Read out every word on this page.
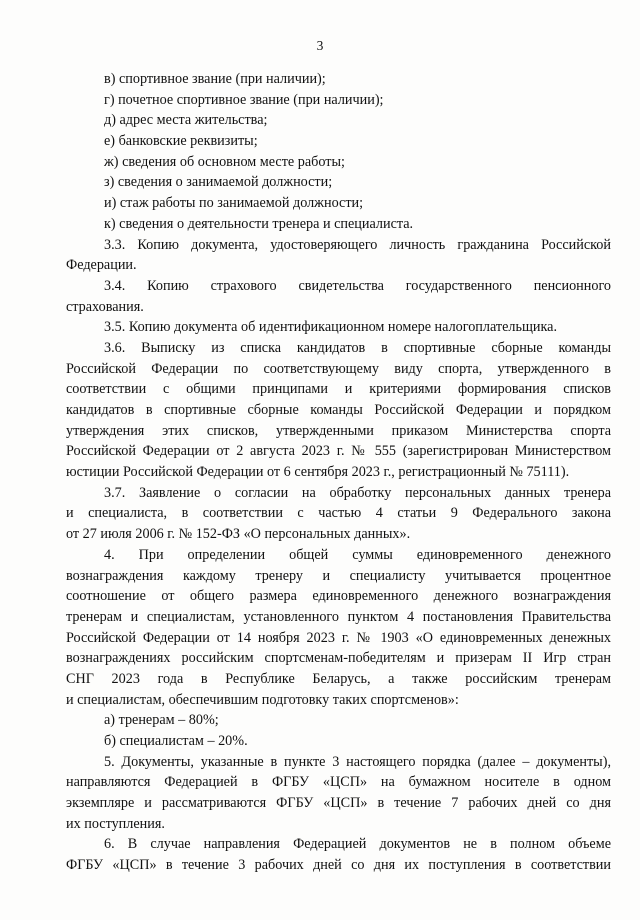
3
в) спортивное звание (при наличии);
г) почетное спортивное звание (при наличии);
д) адрес места жительства;
е) банковские реквизиты;
ж) сведения об основном месте работы;
з) сведения о занимаемой должности;
и) стаж работы по занимаемой должности;
к) сведения о деятельности тренера и специалиста.
3.3. Копию документа, удостоверяющего личность гражданина Российской
Федерации.
3.4. Копию страхового свидетельства государственного пенсионного
страхования.
3.5. Копию документа об идентификационном номере налогоплательщика.
3.6. Выписку из списка кандидатов в спортивные сборные команды
Российской Федерации по соответствующему виду спорта, утвержденного в
соответствии с общими принципами и критериями формирования списков
кандидатов в спортивные сборные команды Российской Федерации и порядком
утверждения этих списков, утвержденными приказом Министерства спорта
Российской Федерации от 2 августа 2023 г. № 555 (зарегистрирован Министерством
юстиции Российской Федерации от 6 сентября 2023 г., регистрационный № 75111).
3.7. Заявление о согласии на обработку персональных данных тренера
и специалиста, в соответствии с частью 4 статьи 9 Федерального закона
от 27 июля 2006 г. № 152-ФЗ «О персональных данных».
4. При определении общей суммы единовременного денежного
вознаграждения каждому тренеру и специалисту учитывается процентное
соотношение от общего размера единовременного денежного вознаграждения
тренерам и специалистам, установленного пунктом 4 постановления Правительства
Российской Федерации от 14 ноября 2023 г. № 1903 «О единовременных денежных
вознаграждениях российским спортсменам-победителям и призерам II Игр стран
СНГ 2023 года в Республике Беларусь, а также российским тренерам
и специалистам, обеспечившим подготовку таких спортсменов»:
а) тренерам – 80%;
б) специалистам – 20%.
5. Документы, указанные в пункте 3 настоящего порядка (далее – документы),
направляются Федерацией в ФГБУ «ЦСП» на бумажном носителе в одном
экземпляре и рассматриваются ФГБУ «ЦСП» в течение 7 рабочих дней со дня
их поступления.
6. В случае направления Федерацией документов не в полном объеме
ФГБУ «ЦСП» в течение 3 рабочих дней со дня их поступления в соответствии
